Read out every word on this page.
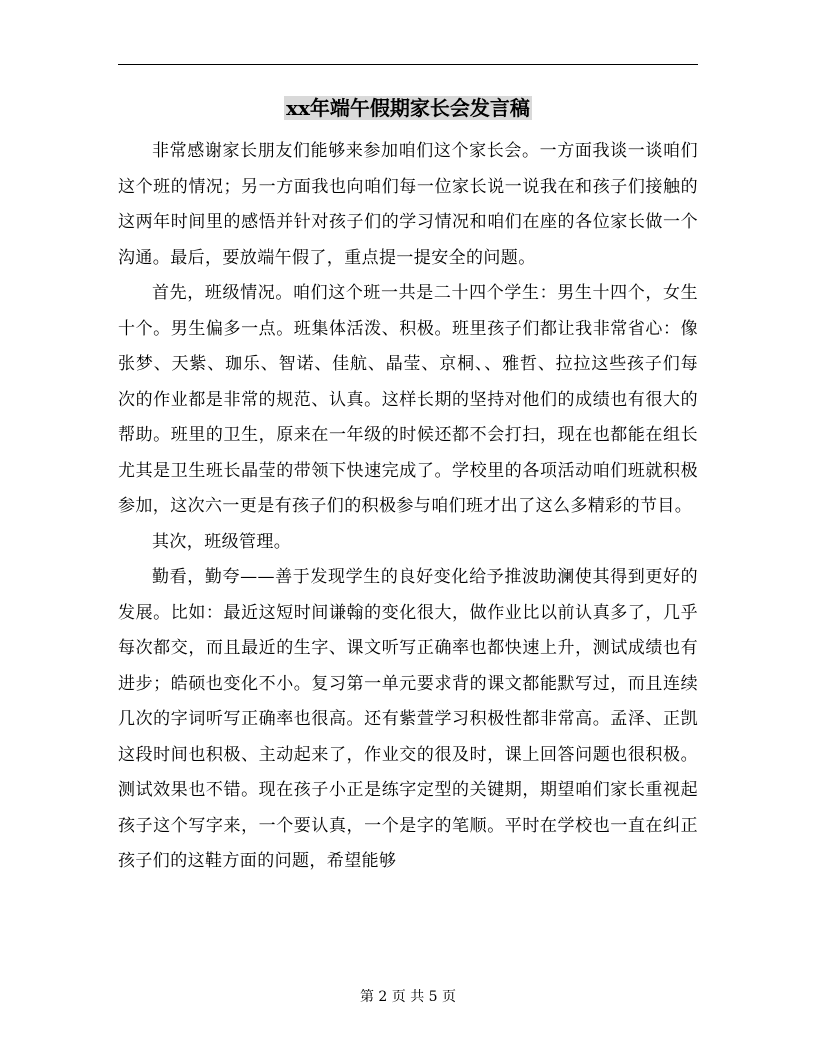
xx年端午假期家长会发言稿

非常感谢家长朋友们能够来参加咱们这个家长会。一方面我谈一谈咱们这个班的情况；另一方面我也向咱们每一位家长说一说我在和孩子们接触的这两年时间里的感悟并针对孩子们的学习情况和咱们在座的各位家长做一个沟通。最后，要放端午假了，重点提一提安全的问题。

首先，班级情况。咱们这个班一共是二十四个学生：男生十四个，女生十个。男生偏多一点。班集体活泼、积极。班里孩子们都让我非常省心：像张梦、天紫、珈乐、智诺、佳航、晶莹、京桐、、雅哲、拉拉这些孩子们每次的作业都是非常的规范、认真。这样长期的坚持对他们的成绩也有很大的帮助。班里的卫生，原来在一年级的时候还都不会打扫，现在也都能在组长尤其是卫生班长晶莹的带领下快速完成了。学校里的各项活动咱们班就积极参加，这次六一更是有孩子们的积极参与咱们班才出了这么多精彩的节目。

其次，班级管理。

勤看，勤夸——善于发现学生的良好变化给予推波助澜使其得到更好的发展。比如：最近这短时间谦翰的变化很大，做作业比以前认真多了，几乎每次都交，而且最近的生字、课文听写正确率也都快速上升，测试成绩也有进步；皓硕也变化不小。复习第一单元要求背的课文都能默写过，而且连续几次的字词听写正确率也很高。还有紫萱学习积极性都非常高。孟泽、正凯这段时间也积极、主动起来了，作业交的很及时，课上回答问题也很积极。测试效果也不错。现在孩子小正是练字定型的关键期，期望咱们家长重视起孩子这个写字来，一个要认真，一个是字的笔顺。平时在学校也一直在纠正孩子们的这鞋方面的问题，希望能够

第 2 页 共 5 页
